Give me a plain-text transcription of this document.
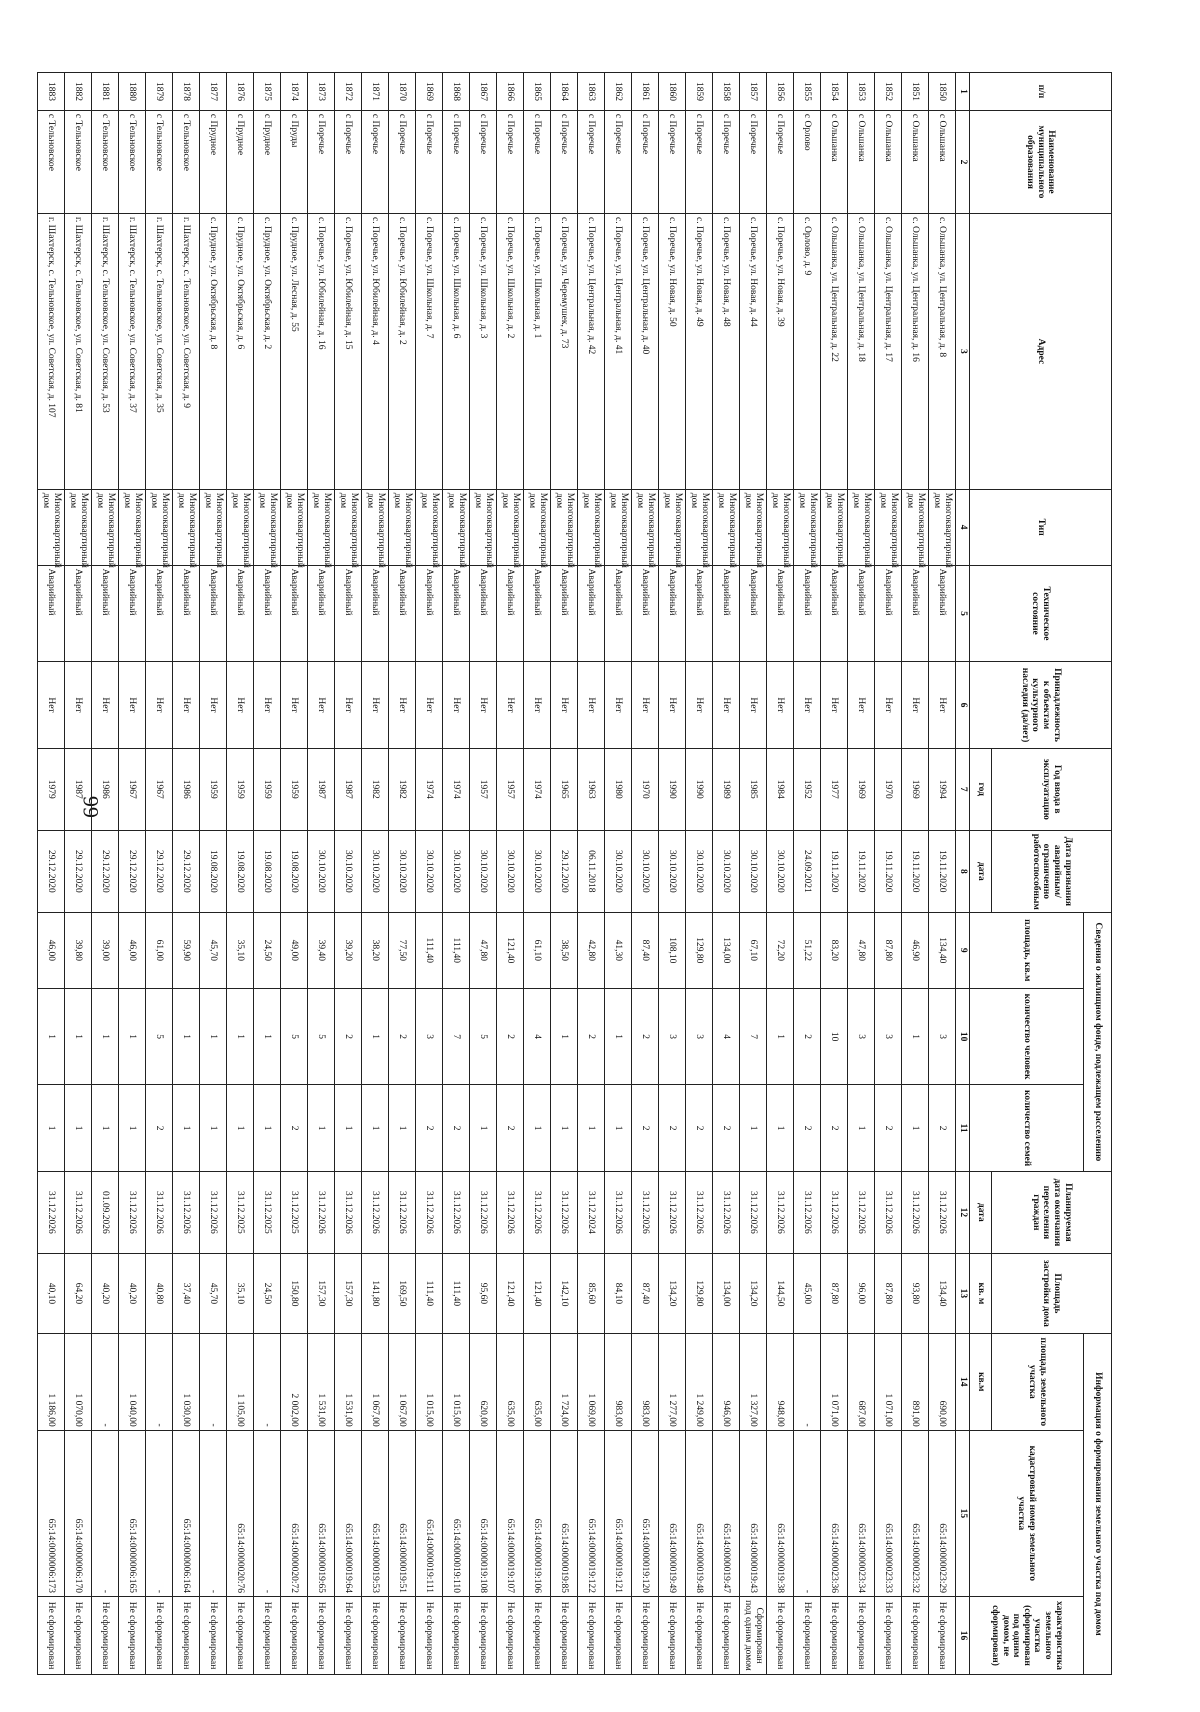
66
п/п	Наименование муниципального образования	Адрес	Тип	Техническое состояние	Принадлежность к объектам культурного наследия (да/нет)	Год ввода в эксплуатацию	Дата признания аварийным/ограниченно работоспособным	Сведения о жилищном фонде, подлежащем расселению			Планируемая дата окончания переселения граждан	Площадь застройки дома	Информация о формировании земельного участка под домом		
								площадь, кв.м	количество человек	количество семей			площадь земельного участка	кадастровый номер земельного участка	характеристика земельного участка (сформирован под одним домом, не сформирован)
						год	дата				дата	кв. м	кв.м		
1	2	3	4	5	6	7	8	9	10	11	12	13	14	15	16
1850	с Ольшанка	с. Ольшанка, ул. Центральная, д. 8	Многоквартирный дом	Аварийный	Нет	1994	19.11.2020	134,40	3	2	31.12.2026	134,40	690,00	65:14:0000023:29	Не сформирован
1851	с Ольшанка	с. Ольшанка, ул. Центральная, д. 16	Многоквартирный дом	Аварийный	Нет	1969	19.11.2020	46,90	1	1	31.12.2026	93,80	891,00	65:14:0000023:32	Не сформирован
1852	с Ольшанка	с. Ольшанка, ул. Центральная, д. 17	Многоквартирный дом	Аварийный	Нет	1970	19.11.2020	87,80	3	2	31.12.2026	87,80	1 071,00	65:14:0000023:33	Не сформирован
1853	с Ольшанка	с. Ольшанка, ул. Центральная, д. 18	Многоквартирный дом	Аварийный	Нет	1969	19.11.2020	47,80	3	1	31.12.2026	96,00	687,00	65:14:0000023:34	Не сформирован
1854	с Ольшанка	с. Ольшанка, ул. Центральная, д. 22	Многоквартирный дом	Аварийный	Нет	1977	19.11.2020	83,20	10	2	31.12.2026	87,80	1 071,00	65:14:0000023:36	Не сформирован
1855	с Орлово	с. Орлово, д. 9	Многоквартирный дом	Аварийный	Нет	1952	24.09.2021	51,22	2	2	31.12.2026	45,00	-	-	Не сформирован
1856	с Поречье	с. Поречье, ул. Новая, д. 39	Многоквартирный дом	Аварийный	Нет	1984	30.10.2020	72,20	1	1	31.12.2026	144,50	948,00	65:14:0000019:38	Не сформирован
1857	с Поречье	с. Поречье, ул. Новая, д. 44	Многоквартирный дом	Аварийный	Нет	1985	30.10.2020	67,10	7	1	31.12.2026	134,20	1 327,00	65:14:0000019:43	Сформирован под одним домом
1858	с Поречье	с. Поречье, ул. Новая, д. 48	Многоквартирный дом	Аварийный	Нет	1989	30.10.2020	134,00	4	2	31.12.2026	134,00	946,00	65:14:0000019:47	Не сформирован
1859	с Поречье	с. Поречье, ул. Новая, д. 49	Многоквартирный дом	Аварийный	Нет	1990	30.10.2020	129,80	3	2	31.12.2026	129,80	1 249,00	65:14:0000019:48	Не сформирован
1860	с Поречье	с. Поречье, ул. Новая, д. 50	Многоквартирный дом	Аварийный	Нет	1990	30.10.2020	108,10	3	2	31.12.2026	134,20	1 277,00	65:14:0000019:49	Не сформирован
1861	с Поречье	с. Поречье, ул. Центральная, д. 40	Многоквартирный дом	Аварийный	Нет	1970	30.10.2020	87,40	2	2	31.12.2026	87,40	983,00	65:14:0000019:120	Не сформирован
1862	с Поречье	с. Поречье, ул. Центральная, д. 41	Многоквартирный дом	Аварийный	Нет	1980	30.10.2020	41,30	1	1	31.12.2026	84,10	983,00	65:14:0000019:121	Не сформирован
1863	с Поречье	с. Поречье, ул. Центральная, д. 42	Многоквартирный дом	Аварийный	Нет	1963	06.11.2018	42,80	2	1	31.12.2024	85,60	1 069,00	65:14:0000019:122	Не сформирован
1864	с Поречье	с. Поречье, ул. Черемушек, д. 73	Многоквартирный дом	Аварийный	Нет	1965	29.12.2020	38,50	1	1	31.12.2026	142,10	1 724,00	65:14:0000019:85	Не сформирован
1865	с Поречье	с. Поречье, ул. Школьная, д. 1	Многоквартирный дом	Аварийный	Нет	1974	30.10.2020	61,10	4	1	31.12.2026	121,40	635,00	65:14:0000019:106	Не сформирован
1866	с Поречье	с. Поречье, ул. Школьная, д. 2	Многоквартирный дом	Аварийный	Нет	1957	30.10.2020	121,40	2	2	31.12.2026	121,40	635,00	65:14:0000019:107	Не сформирован
1867	с Поречье	с. Поречье, ул. Школьная, д. 3	Многоквартирный дом	Аварийный	Нет	1957	30.10.2020	47,80	5	1	31.12.2026	95,60	620,00	65:14:0000019:108	Не сформирован
1868	с Поречье	с. Поречье, ул. Школьная, д. 6	Многоквартирный дом	Аварийный	Нет	1974	30.10.2020	111,40	7	2	31.12.2026	111,40	1 015,00	65:14:0000019:110	Не сформирован
1869	с Поречье	с. Поречье, ул. Школьная, д. 7	Многоквартирный дом	Аварийный	Нет	1974	30.10.2020	111,40	3	2	31.12.2026	111,40	1 015,00	65:14:0000019:111	Не сформирован
1870	с Поречье	с. Поречье, ул. Юбилейная, д. 2	Многоквартирный дом	Аварийный	Нет	1982	30.10.2020	77,50	2	1	31.12.2026	169,50	1 067,00	65:14:0000019:51	Не сформирован
1871	с Поречье	с. Поречье, ул. Юбилейная, д. 4	Многоквартирный дом	Аварийный	Нет	1982	30.10.2020	38,20	1	1	31.12.2026	141,80	1 067,00	65:14:0000019:53	Не сформирован
1872	с Поречье	с. Поречье, ул. Юбилейная, д. 15	Многоквартирный дом	Аварийный	Нет	1987	30.10.2020	39,20	2	1	31.12.2026	157,30	1 531,00	65:14:0000019:64	Не сформирован
1873	с Поречье	с. Поречье, ул. Юбилейная, д. 16	Многоквартирный дом	Аварийный	Нет	1987	30.10.2020	39,40	5	1	31.12.2026	157,30	1 531,00	65:14:0000019:65	Не сформирован
1874	с Пруды	с. Прудное, ул. Лесная, д. 55	Многоквартирный дом	Аварийный	Нет	1959	19.08.2020	49,00	5	2	31.12.2025	150,80	2 002,00	65:14:0000020:72	Не сформирован
1875	с Прудное	с. Прудное, ул. Октябрьская, д. 2	Многоквартирный дом	Аварийный	Нет	1959	19.08.2020	24,50	1	1	31.12.2025	24,50	-	-	Не сформирован
1876	с Прудное	с. Прудное, ул. Октябрьская, д. 6	Многоквартирный дом	Аварийный	Нет	1959	19.08.2020	35,10	1	1	31.12.2025	35,10	1 105,00	65:14:0000020:76	Не сформирован
1877	с Прудное	с. Прудное, ул. Октябрьская, д. 8	Многоквартирный дом	Аварийный	Нет	1959	19.08.2020	45,70	1	1	31.12.2026	45,70	-	-	Не сформирован
1878	с Тельновское	г. Шахтерск, с. Тельновское, ул. Советская, д. 9	Многоквартирный дом	Аварийный	Нет	1986	29.12.2020	59,90	1	1	31.12.2026	37,40	1 030,00	65:14:0000006:164	Не сформирован
1879	с Тельновское	г. Шахтерск, с. Тельновское, ул. Советская, д. 35	Многоквартирный дом	Аварийный	Нет	1967	29.12.2020	61,00	5	2	31.12.2026	40,80	-	-	Не сформирован
1880	с Тельновское	г. Шахтерск, с. Тельновское, ул. Советская, д. 37	Многоквартирный дом	Аварийный	Нет	1967	29.12.2020	46,00	1	1	31.12.2026	40,20	1 040,00	65:14:0000006:165	Не сформирован
1881	с Тельновское	г. Шахтерск, с. Тельновское, ул. Советская, д. 53	Многоквартирный дом	Аварийный	Нет	1986	29.12.2020	39,00	1	1	01.09.2026	40,20	-	-	Не сформирован
1882	с Тельновское	г. Шахтерск, с. Тельновское, ул. Советская, д. 81	Многоквартирный дом	Аварийный	Нет	1987	29.12.2020	39,80	1	1	31.12.2026	64,20	1 070,00	65:14:0000006:170	Не сформирован
1883	с Тельновское	г. Шахтерск, с. Тельновское, ул. Советская, д. 107	Многоквартирный дом	Аварийный	Нет	1979	29.12.2020	46,00	1	1	31.12.2026	40,10	1 186,00	65:14:0000006:173	Не сформирован
